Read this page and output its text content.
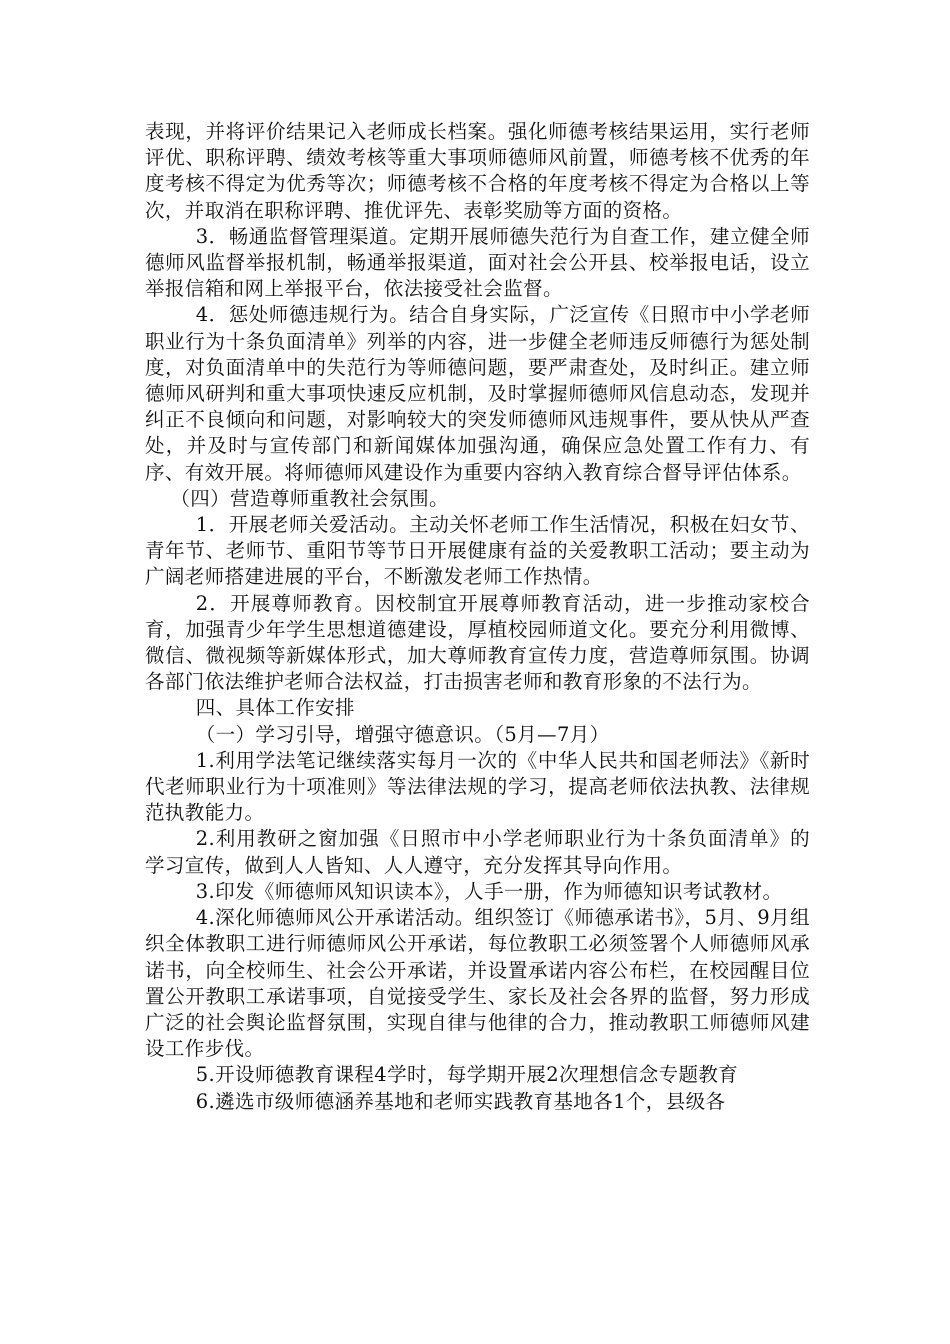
表现，并将评价结果记入老师成长档案。强化师德考核结果运用，实行老师评优、职称评聘、绩效考核等重大事项师德师风前置，师德考核不优秀的年度考核不得定为优秀等次；师德考核不合格的年度考核不得定为合格以上等次，并取消在职称评聘、推优评先、表彰奖励等方面的资格。

3．畅通监督管理渠道。定期开展师德失范行为自查工作，建立健全师德师风监督举报机制，畅通举报渠道，面对社会公开县、校举报电话，设立举报信箱和网上举报平台，依法接受社会监督。

4．惩处师德违规行为。结合自身实际，广泛宣传《日照市中小学老师职业行为十条负面清单》列举的内容，进一步健全老师违反师德行为惩处制度，对负面清单中的失范行为等师德问题，要严肃查处，及时纠正。建立师德师风研判和重大事项快速反应机制，及时掌握师德师风信息动态，发现并纠正不良倾向和问题，对影响较大的突发师德师风违规事件，要从快从严查处，并及时与宣传部门和新闻媒体加强沟通，确保应急处置工作有力、有序、有效开展。将师德师风建设作为重要内容纳入教育综合督导评估体系。

（四）营造尊师重教社会氛围。

1．开展老师关爱活动。主动关怀老师工作生活情况，积极在妇女节、青年节、老师节、重阳节等节日开展健康有益的关爱教职工活动；要主动为广阔老师搭建进展的平台，不断激发老师工作热情。

2．开展尊师教育。因校制宜开展尊师教育活动，进一步推动家校合育，加强青少年学生思想道德建设，厚植校园师道文化。要充分利用微博、微信、微视频等新媒体形式，加大尊师教育宣传力度，营造尊师氛围。协调各部门依法维护老师合法权益，打击损害老师和教育形象的不法行为。

四、具体工作安排

（一）学习引导，增强守德意识。（5月—7月）

1.利用学法笔记继续落实每月一次的《中华人民共和国老师法》《新时代老师职业行为十项准则》等法律法规的学习，提高老师依法执教、法律规范执教能力。

2.利用教研之窗加强《日照市中小学老师职业行为十条负面清单》的学习宣传，做到人人皆知、人人遵守，充分发挥其导向作用。

3.印发《师德师风知识读本》，人手一册，作为师德知识考试教材。

4.深化师德师风公开承诺活动。组织签订《师德承诺书》，5月、9月组织全体教职工进行师德师风公开承诺，每位教职工必须签署个人师德师风承诺书，向全校师生、社会公开承诺，并设置承诺内容公布栏，在校园醒目位置公开教职工承诺事项，自觉接受学生、家长及社会各界的监督，努力形成广泛的社会舆论监督氛围，实现自律与他律的合力，推动教职工师德师风建设工作步伐。

5.开设师德教育课程4学时，每学期开展2次理想信念专题教育

6.遴选市级师德涵养基地和老师实践教育基地各1个，县级各
